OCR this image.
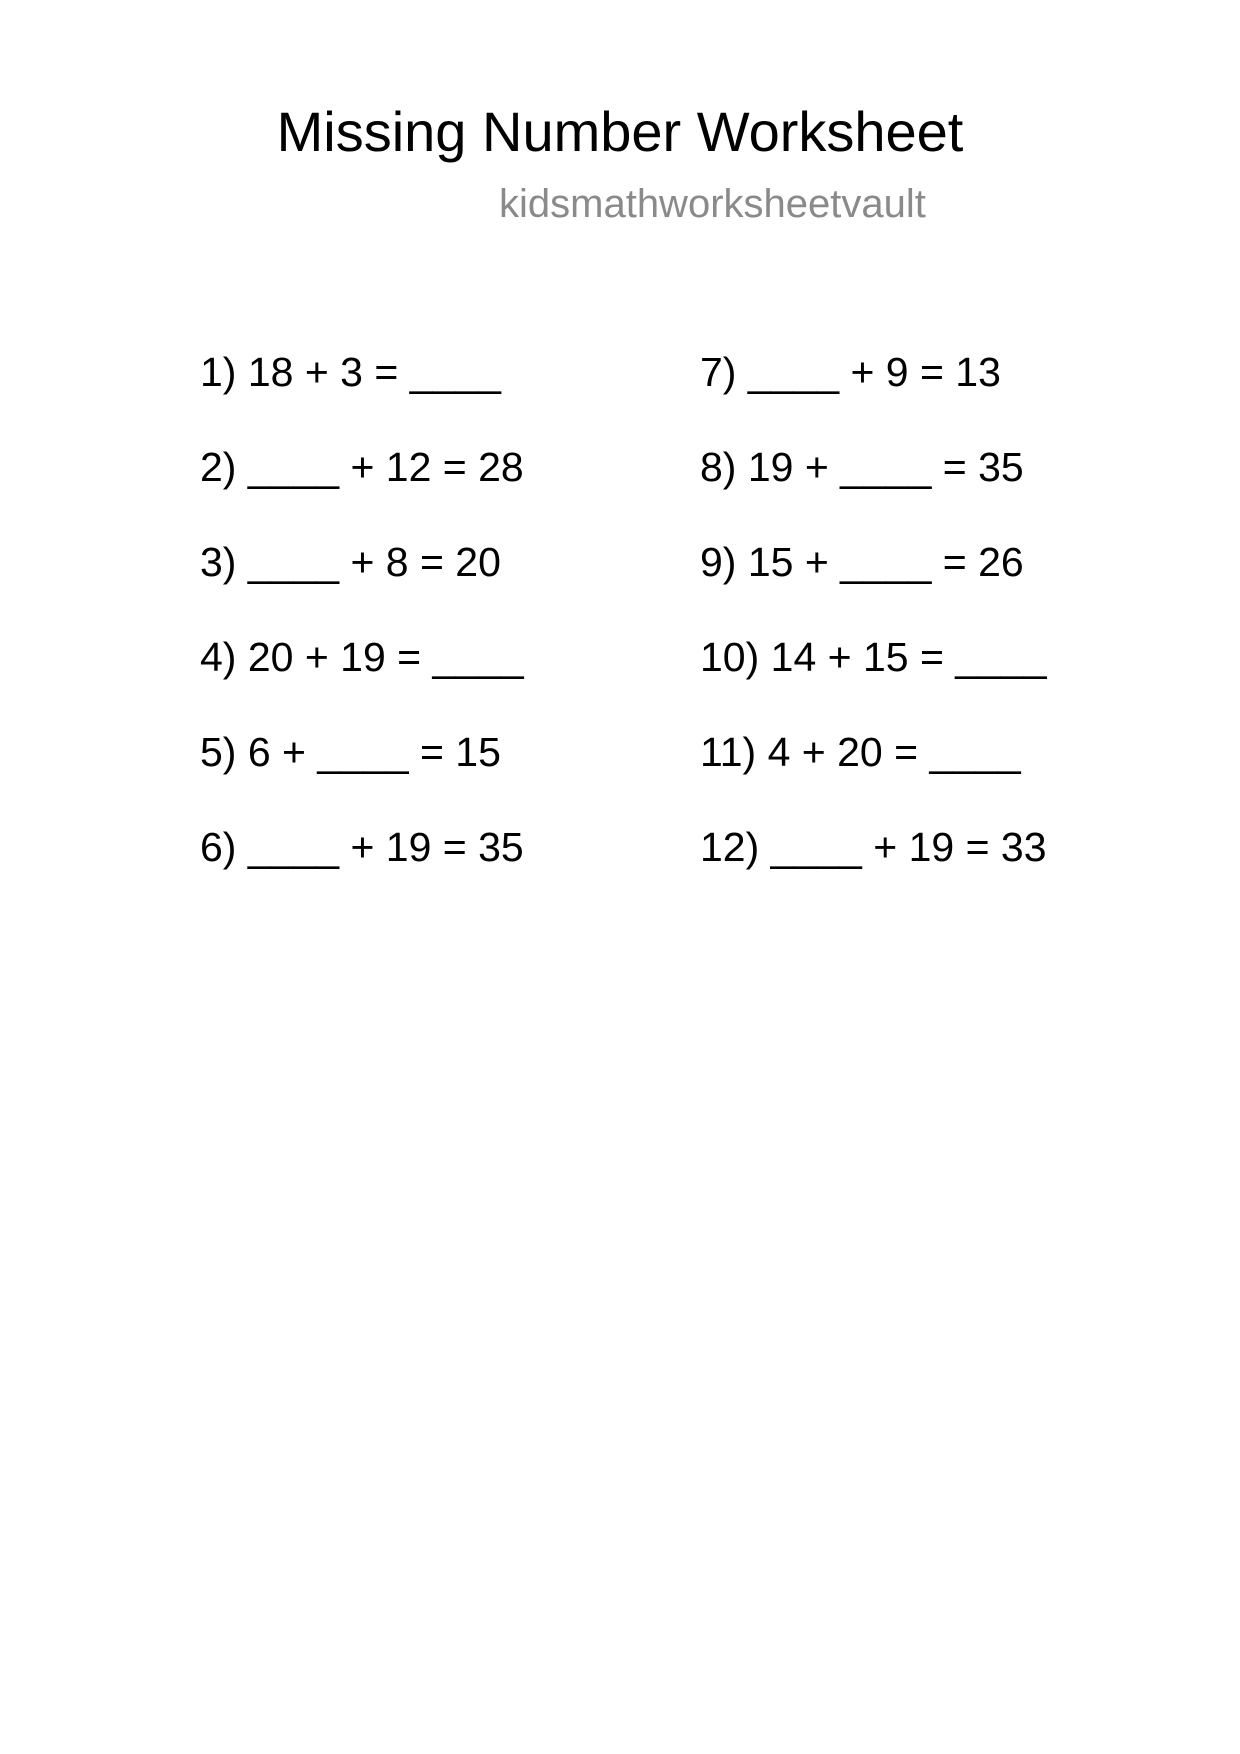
Missing Number Worksheet
kidsmathworksheetvault
1) 18 + 3 = ____
2) ____ + 12 = 28
3) ____ + 8 = 20
4) 20 + 19 = ____
5) 6 + ____ = 15
6) ____ + 19 = 35
7) ____ + 9 = 13
8) 19 + ____ = 35
9) 15 + ____ = 26
10) 14 + 15 = ____
11) 4 + 20 = ____
12) ____ + 19 = 33
